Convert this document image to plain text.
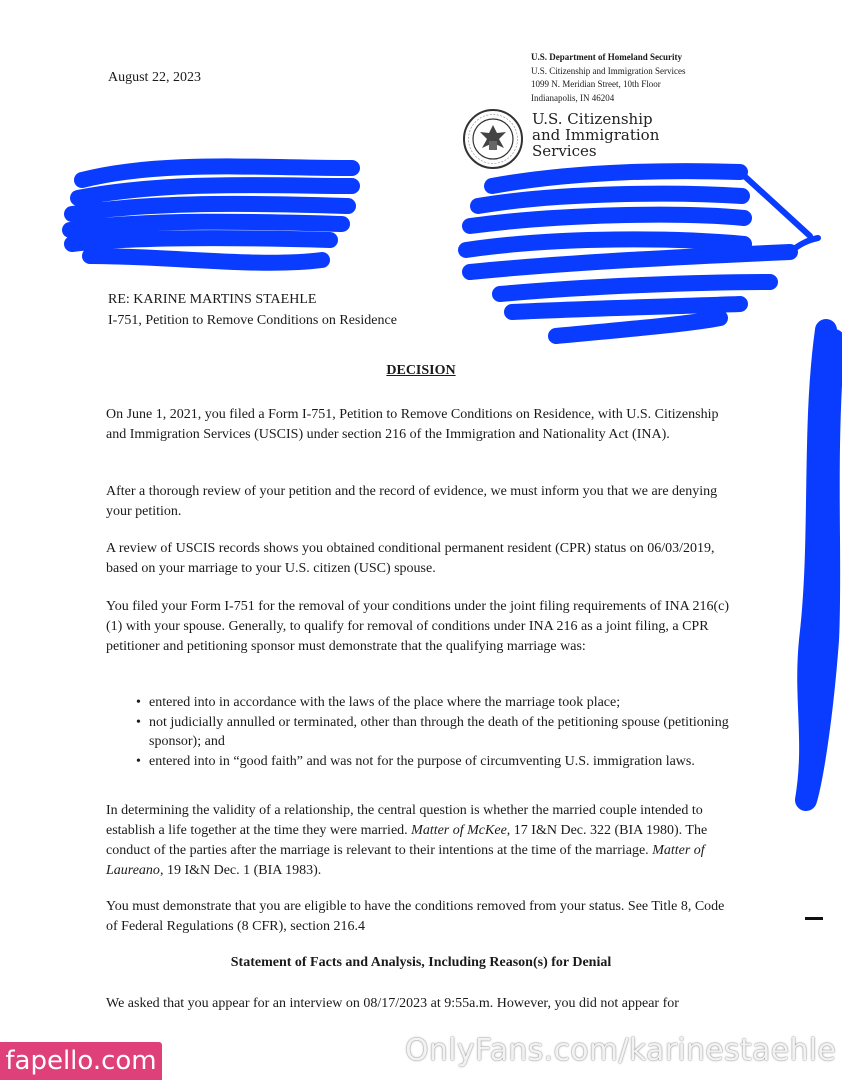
August 22, 2023
U.S. Department of Homeland Security
U.S. Citizenship and Immigration Services
1099 N. Meridian Street, 10th Floor
Indianapolis, IN 46204
U.S. Citizenship
and Immigration
Services
RE: KARINE MARTINS STAEHLE
I-751, Petition to Remove Conditions on Residence
DECISION
On June 1, 2021, you filed a Form I-751, Petition to Remove Conditions on Residence, with U.S. Citizenship and Immigration Services (USCIS) under section 216 of the Immigration and Nationality Act (INA).
After a thorough review of your petition and the record of evidence, we must inform you that we are denying your petition.
A review of USCIS records shows you obtained conditional permanent resident (CPR) status on 06/03/2019, based on your marriage to your U.S. citizen (USC) spouse.
You filed your Form I-751 for the removal of your conditions under the joint filing requirements of INA 216(c)(1) with your spouse. Generally, to qualify for removal of conditions under INA 216 as a joint filing, a CPR petitioner and petitioning sponsor must demonstrate that the qualifying marriage was:
• entered into in accordance with the laws of the place where the marriage took place;
• not judicially annulled or terminated, other than through the death of the petitioning spouse (petitioning sponsor); and
• entered into in “good faith” and was not for the purpose of circumventing U.S. immigration laws.
In determining the validity of a relationship, the central question is whether the married couple intended to establish a life together at the time they were married. Matter of McKee, 17 I&N Dec. 322 (BIA 1980). The conduct of the parties after the marriage is relevant to their intentions at the time of the marriage. Matter of Laureano, 19 I&N Dec. 1 (BIA 1983).
You must demonstrate that you are eligible to have the conditions removed from your status. See Title 8, Code of Federal Regulations (8 CFR), section 216.4
Statement of Facts and Analysis, Including Reason(s) for Denial
We asked that you appear for an interview on 08/17/2023 at 9:55a.m. However, you did not appear for
fapello.com	OnlyFans.com/karinestaehle
